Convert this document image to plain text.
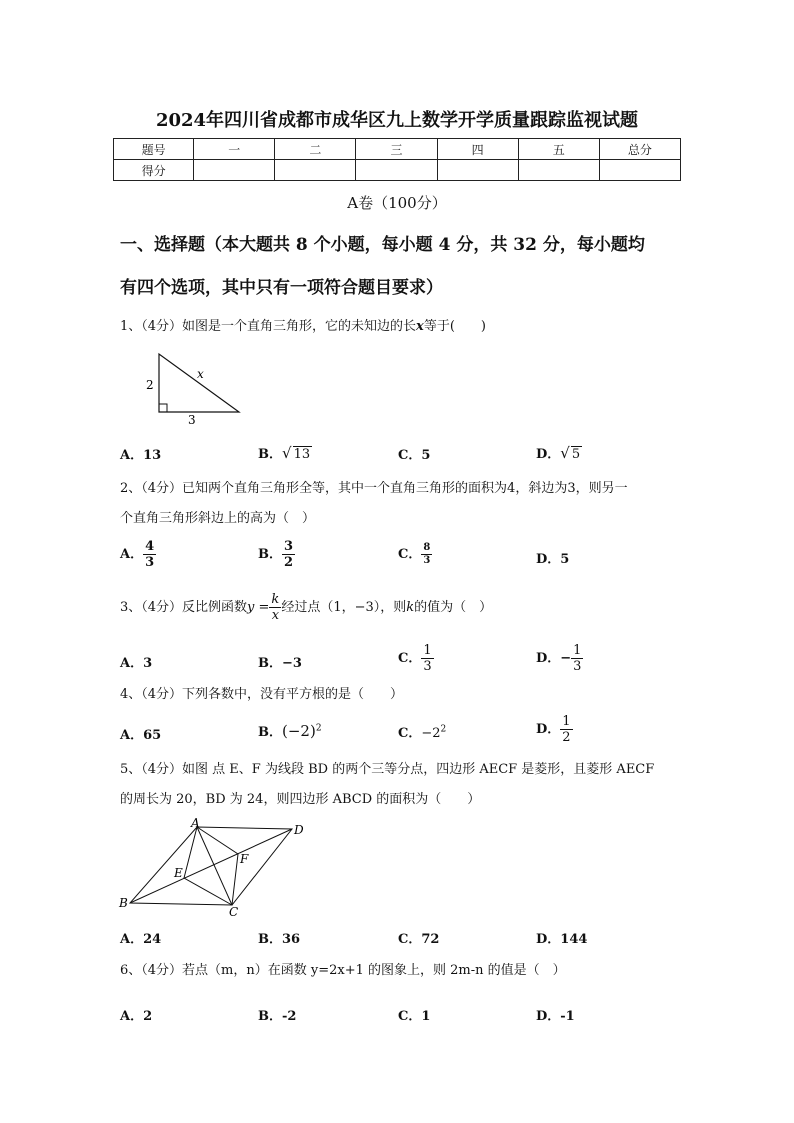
2024年四川省成都市成华区九上数学开学质量跟踪监视试题
题号	一	二	三	四	五	总分
得分						
A卷（100分）
一、选择题（本大题共 8 个小题，每小题 4 分，共 32 分，每小题均
有四个选项，其中只有一项符合题目要求）
1、（4分）如图是一个直角三角形，它的未知边的长x等于(　　)
2
x
3
A．13	B．√ 13	C．5	D．√ 5
2、（4分）已知两个直角三角形全等，其中一个直角三角形的面积为4，斜边为3，则另一
个直角三角形斜边上的高为（　）
A． $\frac{4}{3}$	B． $\frac{3}{2}$	C． $\frac{8}{3}$	D．5
3、（4分）反比例函数$y = \frac{k}{x}$ 经过点（1，−3），则k的值为（　）
A．3	B．−3	C． $\frac{1}{3}$	D．− $\frac{1}{3}$
4、（4分）下列各数中，没有平方根的是（　　）
A．65	B．$(-2)^2$	C．$-2^2$	D． $\frac{1}{2}$
5、（4分）如图 点 E、F 为线段 BD 的两个三等分点，四边形 AECF 是菱形，且菱形 AECF
的周长为 20，BD 为 24，则四边形 ABCD 的面积为（　　）
A	D
B
C
E
F
A．24	B．36	C．72	D．144
6、（4分）若点（m，n）在函数 y=2x+1 的图象上，则 2m-n 的值是（　）
A．2	B．-2	C．1	D．-1
